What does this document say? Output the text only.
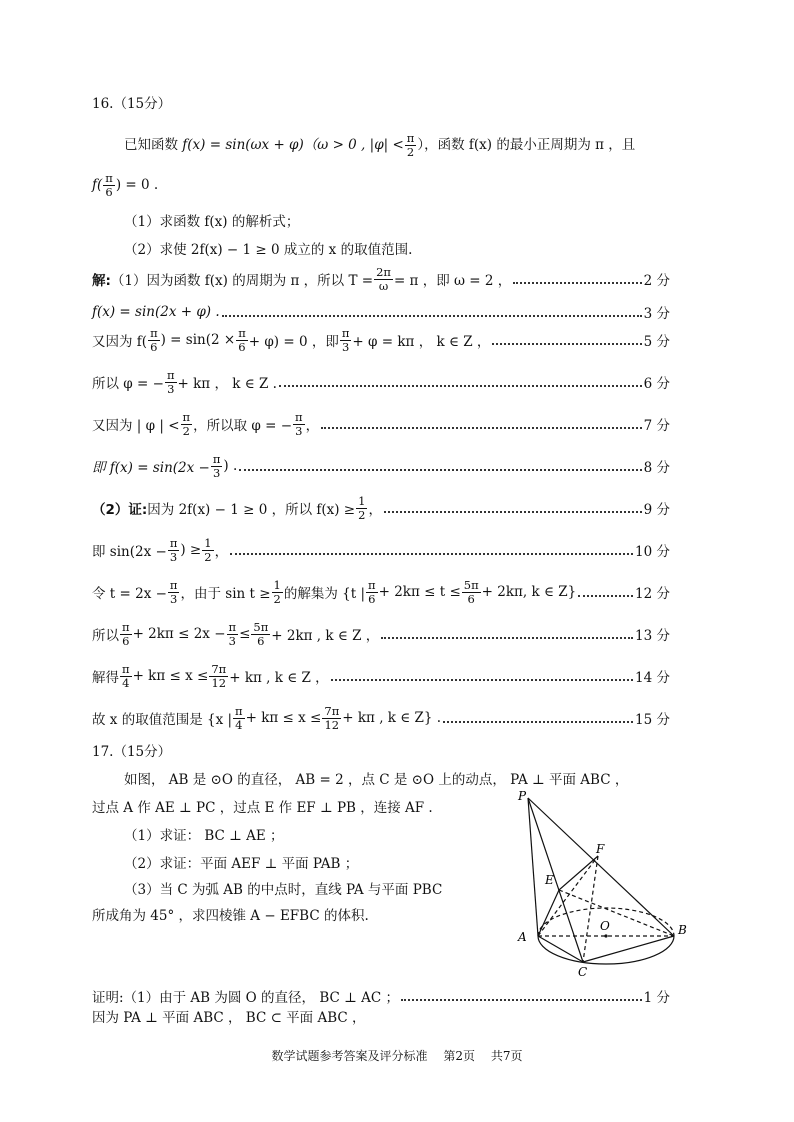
16.（15分）
已知函数
f(x) = sin(ωx + φ)（ω > 0 , $|\varphi| < \frac{\pi}{2}$ ），函数 f(x) 的最小正周期为 π ，且
$f( \frac{\pi}{6}$ ) = 0 .
（1）求函数 f(x) 的解析式；
（2）求使 2f(x) − 1 ≥ 0 成立的 x 的取值范围.
解: （1）因为函数 f(x) 的周期为 π ，所以 $T = \frac{2\pi}{\omega} = \pi$ ，即 ω = 2 ，	2 分
f(x) = sin(2x + φ) .	3 分
又因为 $f( \frac{\pi}{6}$ ) = $\sin(2 \times \frac{\pi}{6} + \varphi) = 0$ ，即 $\frac{\pi}{3} + \varphi = k\pi$ ， k ∈ Z ，	5 分
所以 φ = − $\frac{\pi}{3} + k\pi$ ， k ∈ Z .	6 分
又因为 | φ | < $\frac{\pi}{2}$ ，所以取 φ = − $\frac{\pi}{3}$ ，	7 分
即 $f(x) = \sin(2x - \frac{\pi}{3}$ ) .	8 分
（2）证: 因为 2f(x) − 1 ≥ 0 ，所以 $f(x) \ge \frac{1}{2}$ ，	9 分
即 $\sin(2x - \frac{\pi}{3}$ ) ≥ $\frac{1}{2}$ ，	10 分
令 $t = 2x - \frac{\pi}{3}$ ，由于 $\sin t \ge \frac{1}{2}$ 的解集为 {t | $\frac{\pi}{6} + 2k\pi \le t \le \frac{5\pi}{6} + 2k\pi$, k ∈ Z}	12 分
所以 $\frac{\pi}{6} + 2k\pi \le 2x - \frac{\pi}{3} \le \frac{5\pi}{6} + 2k\pi$ , k ∈ Z ，	13 分
解得 $\frac{\pi}{4} + k\pi \le x \le \frac{7\pi}{12} + k\pi$ , k ∈ Z ，	14 分
故 x 的取值范围是 {x | $\frac{\pi}{4} + k\pi \le x \le \frac{7\pi}{12} + k\pi$ , k ∈ Z} .	15 分
17.（15分）
如图， AB 是 ⊙O 的直径， AB = 2 ，点 C 是 ⊙O 上的动点， PA ⊥ 平面 ABC ，
过点 A 作 AE ⊥ PC ，过点 E 作 EF ⊥ PB ，连接 AF .
（1）求证： BC ⊥ AE ；
（2）求证：平面 AEF ⊥ 平面 PAB ；
（3）当 C 为弧 AB 的中点时，直线 PA 与平面 PBC
所成角为 45° ，求四棱锥 A − EFBC 的体积.
P
F
E
O
A	B
C
证明:（1）由于 AB 为圆 O 的直径， BC ⊥ AC ；	1 分
因为 PA ⊥ 平面 ABC ， BC ⊂ 平面 ABC ，
数学试题参考答案及评分标准 第2页 共7页
